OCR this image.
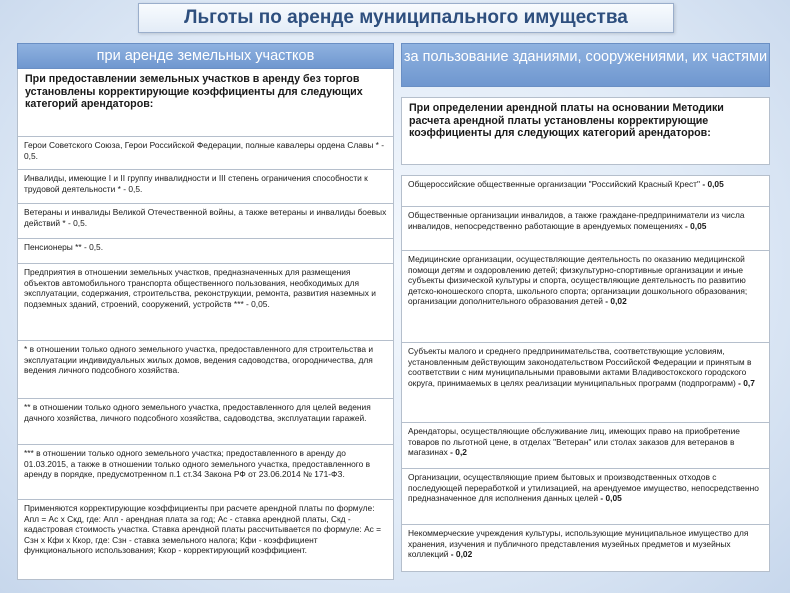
Льготы по аренде муниципального имущества
при аренде земельных участков
При предоставлении земельных участков в аренду без торгов установлены корректирующие коэффициенты для следующих категорий арендаторов:
Герои Советского Союза, Герои Российской Федерации, полные кавалеры ордена Славы * - 0,5.
Инвалиды, имеющие I и II группу инвалидности и III степень ограничения способности к трудовой деятельности * - 0,5.
Ветераны и инвалиды Великой Отечественной войны, а также ветераны и инвалиды боевых действий * - 0,5.
Пенсионеры ** - 0,5.
Предприятия в отношении земельных участков, предназначенных для размещения объектов автомобильного транспорта общественного пользования, необходимых для эксплуатации, содержания, строительства, реконструкции, ремонта, развития наземных и подземных зданий, строений, сооружений, устройств *** - 0,05.
* в отношении только одного земельного участка, предоставленного для строительства и эксплуатации индивидуальных жилых домов, ведения садоводства, огородничества, для ведения личного подсобного хозяйства.
** в отношении только одного земельного участка, предоставленного для целей ведения дачного хозяйства, личного подсобного хозяйства, садоводства, эксплуатации гаражей.
*** в отношении только одного земельного участка; предоставленного в аренду до 01.03.2015, а также в отношении только одного земельного участка, предоставленного в аренду в порядке, предусмотренном п.1 ст.34 Закона РФ от 23.06.2014 № 171-ФЗ.
Применяются корректирующие коэффициенты при расчете арендной платы по формуле: Апл = Ас х Скд, где: Апл - арендная плата за год; Ас - ставка арендной платы, Скд - кадастровая стоимость участка. Ставка арендной платы рассчитывается по формуле: Ас = Сзн х Кфи х Ккор, где: Сзн - ставка земельного налога; Кфи - коэффициент функционального использования; Ккор - корректирующий коэффициент.
за пользование зданиями, сооружениями, их частями
При определении арендной платы на основании Методики расчета арендной платы установлены корректирующие коэффициенты для следующих категорий арендаторов:
Общероссийские общественные организации "Российский Красный Крест" - 0,05
Общественные организации инвалидов, а также граждане-предприниматели из числа инвалидов, непосредственно работающие в арендуемых помещениях - 0,05
Медицинские организации, осуществляющие деятельность по оказанию медицинской помощи детям и оздоровлению детей; физкультурно-спортивные организации и иные субъекты физической культуры и спорта, осуществляющие деятельность по развитию детско-юношеского спорта, школьного спорта; организации дошкольного образования; организации дополнительного образования детей - 0,02
Субъекты малого и среднего предпринимательства, соответствующие условиям, установленным действующим законодательством Российской Федерации и принятым в соответствии с ним муниципальными правовыми актами Владивостокского городского округа, принимаемых в целях реализации муниципальных программ (подпрограмм) - 0,7
Арендаторы, осуществляющие обслуживание лиц, имеющих право на приобретение товаров по льготной цене, в отделах "Ветеран" или столах заказов для ветеранов в магазинах - 0,2
Организации, осуществляющие прием бытовых и производственных отходов с последующей переработкой и утилизацией, на арендуемое имущество, непосредственно предназначенное для исполнения данных целей - 0,05
Некоммерческие учреждения культуры, использующие муниципальное имущество для хранения, изучения и публичного представления музейных предметов и музейных коллекций - 0,02
